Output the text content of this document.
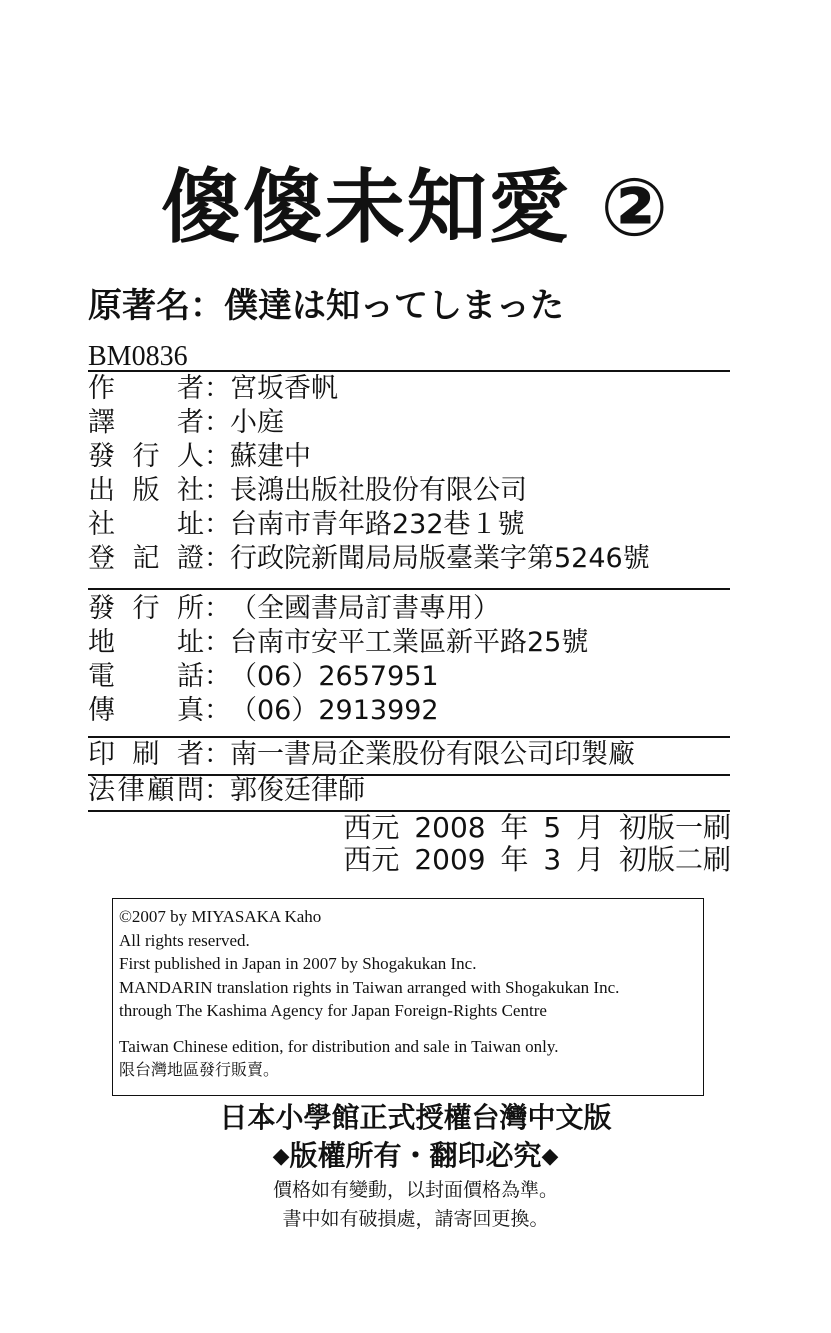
傻傻未知愛 ②
原著名：僕達は知ってしまった
BM0836
作
者 ： 宮坂香帆
譯
者 ： 小庭
發 行 人 ： 蘇建中
出 版 社 ： 長鴻出版社股份有限公司
社
址 ： 台南市青年路232巷１號
登 記 證 ： 行政院新聞局局版臺業字第5246號
發 行 所 ： （全國書局訂書專用）
地
址 ： 台南市安平工業區新平路25號
電
話 ： （06）2657951
傳
真 ： （06）2913992
印 刷 者 ： 南一書局企業股份有限公司印製廠
法 律 顧 問 ： 郭俊廷律師
西元 2008 年 5 月 初版一刷
西元 2009 年 3 月 初版二刷
©2007 by MIYASAKA Kaho
All rights reserved.
First published in Japan in 2007 by Shogakukan Inc.
MANDARIN translation rights in Taiwan arranged with Shogakukan Inc.
through The Kashima Agency for Japan Foreign-Rights Centre
Taiwan Chinese edition, for distribution and sale in Taiwan only.
限台灣地區發行販賣。
日本小學館正式授權台灣中文版
◆版權所有・翻印必究◆
價格如有變動，以封面價格為準。
書中如有破損處，請寄回更換。
